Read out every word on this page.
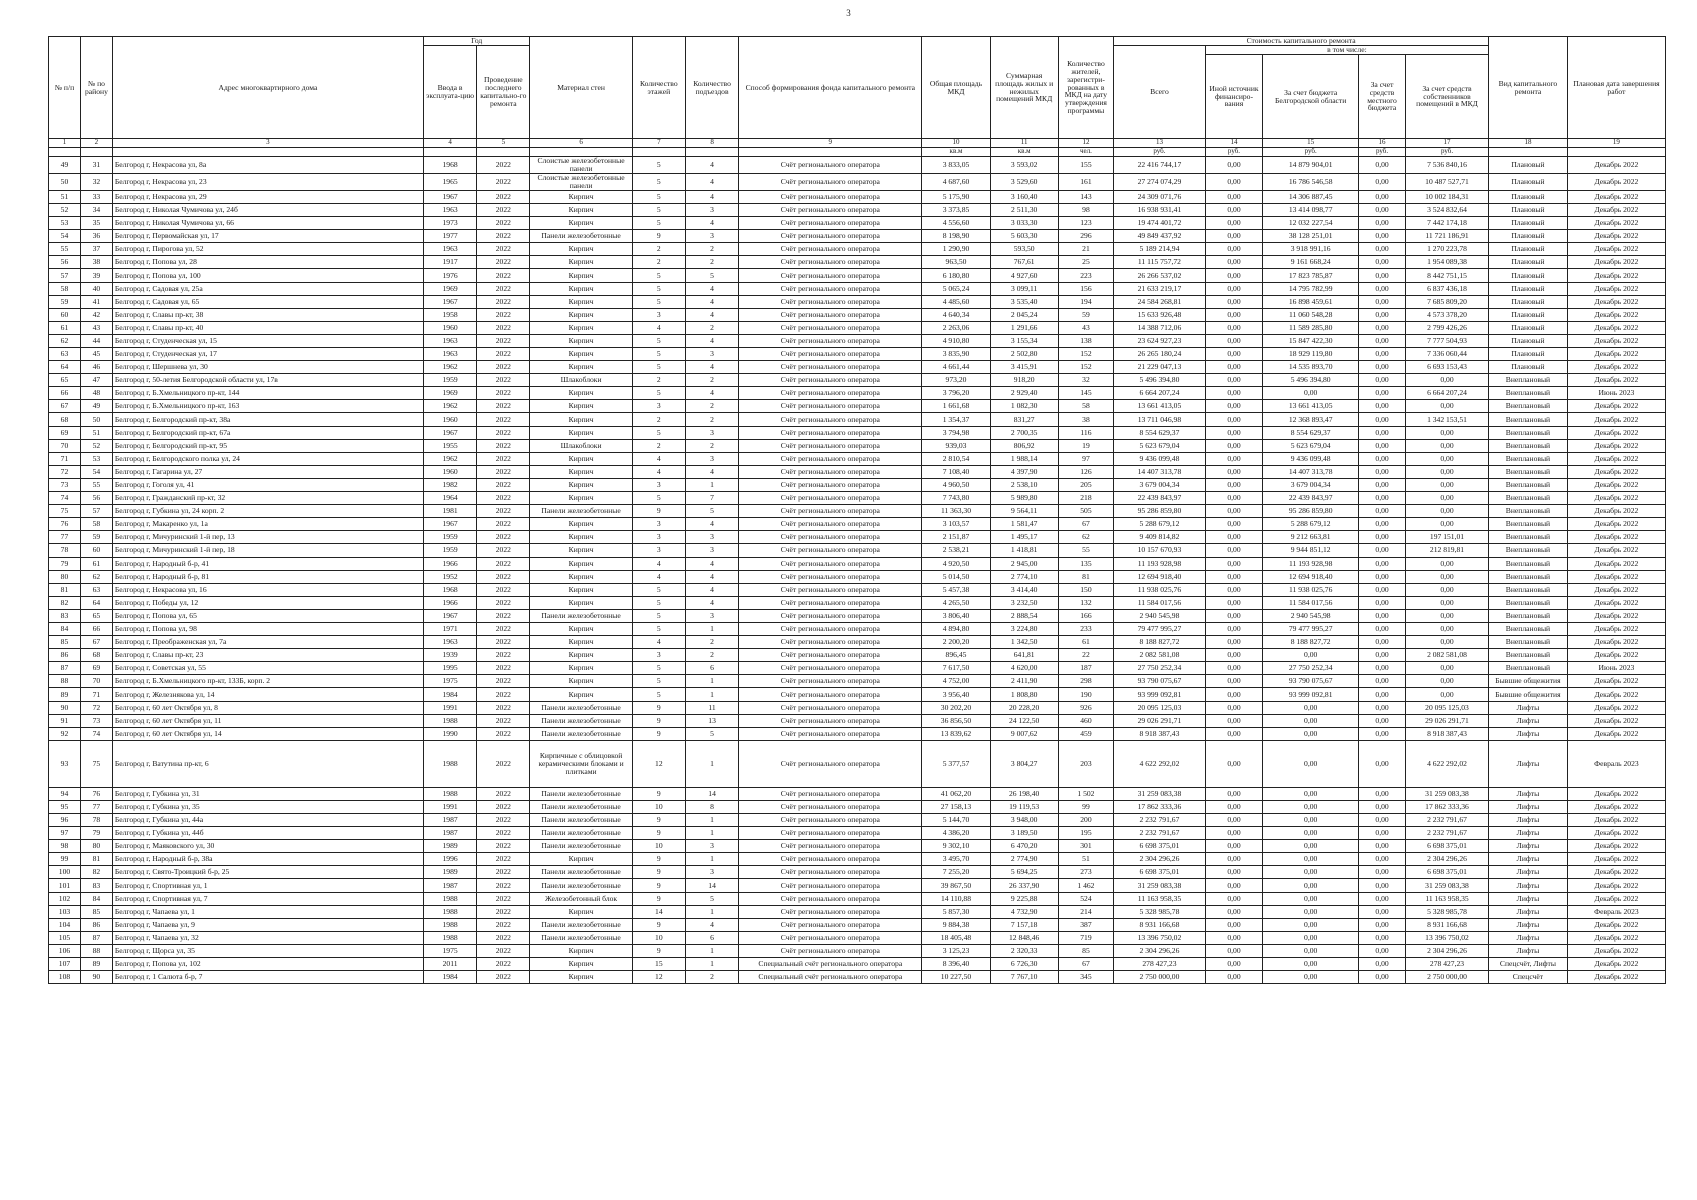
3
№ п/п	№ по району	Адрес многоквартирного дома	Год		Материал стен	Количество этажей	Количество подъездов	Способ формирования фонда капитального ремонта	Общая площадь МКД	Суммарная площадь жилых и нежилых помещений МКД	Количество жителей, зарегистри-рованных в МКД на дату утверждения программы	Стоимость капитального ремонта					Вид капитального ремонта	Плановая дата завершения работ
			Ввода в эксплуата-цию	Проведение последнего капитально-го ремонта								Всего	в том числе:					
													Иной источник финансиро-вания	За счет бюджета Белгородской области	За счет средств местного бюджета	За счет средств собственников помещений в МКД		
1	2	3	4	5	6	7	8	9	10	11	12	13	14	15	16	17	18	19
									кв.м	кв.м	чел.	руб.	руб.	руб.	руб.	руб.		
49	31	Белгород г, Некрасова ул, 8а	1968	2022	Слоистые железобетонные панели	5	4	Счёт регионального оператора	3 833,05	3 593,02	155	22 416 744,17	0,00	14 879 904,01	0,00	7 536 840,16	Плановый	Декабрь 2022
50	32	Белгород г, Некрасова ул, 23	1965	2022	Слоистые железобетонные панели	5	4	Счёт регионального оператора	4 687,60	3 529,60	161	27 274 074,29	0,00	16 786 546,58	0,00	10 487 527,71	Плановый	Декабрь 2022
51	33	Белгород г, Некрасова ул, 29	1967	2022	Кирпич	5	4	Счёт регионального оператора	5 175,90	3 160,40	143	24 309 071,76	0,00	14 306 887,45	0,00	10 002 184,31	Плановый	Декабрь 2022
52	34	Белгород г, Николая Чумичова ул, 24б	1963	2022	Кирпич	5	3	Счёт регионального оператора	3 373,85	2 511,30	98	16 938 931,41	0,00	13 414 098,77	0,00	3 524 832,64	Плановый	Декабрь 2022
53	35	Белгород г, Николая Чумичова ул, 66	1973	2022	Кирпич	5	4	Счёт регионального оператора	4 556,60	3 033,30	123	19 474 401,72	0,00	12 032 227,54	0,00	7 442 174,18	Плановый	Декабрь 2022
54	36	Белгород г, Первомайская ул, 17	1977	2022	Панели железобетонные	9	3	Счёт регионального оператора	8 198,90	5 603,30	296	49 849 437,92	0,00	38 128 251,01	0,00	11 721 186,91	Плановый	Декабрь 2022
55	37	Белгород г, Пирогова ул, 52	1963	2022	Кирпич	2	2	Счёт регионального оператора	1 290,90	593,50	21	5 189 214,94	0,00	3 918 991,16	0,00	1 270 223,78	Плановый	Декабрь 2022
56	38	Белгород г, Попова ул, 28	1917	2022	Кирпич	2	2	Счёт регионального оператора	963,50	767,61	25	11 115 757,72	0,00	9 161 668,24	0,00	1 954 089,38	Плановый	Декабрь 2022
57	39	Белгород г, Попова ул, 100	1976	2022	Кирпич	5	5	Счёт регионального оператора	6 180,80	4 927,60	223	26 266 537,02	0,00	17 823 785,87	0,00	8 442 751,15	Плановый	Декабрь 2022
58	40	Белгород г, Садовая ул, 25а	1969	2022	Кирпич	5	4	Счёт регионального оператора	5 065,24	3 099,11	156	21 633 219,17	0,00	14 795 782,99	0,00	6 837 436,18	Плановый	Декабрь 2022
59	41	Белгород г, Садовая ул, 65	1967	2022	Кирпич	5	4	Счёт регионального оператора	4 485,60	3 535,40	194	24 584 268,81	0,00	16 898 459,61	0,00	7 685 809,20	Плановый	Декабрь 2022
60	42	Белгород г, Славы пр-кт, 38	1958	2022	Кирпич	3	4	Счёт регионального оператора	4 640,34	2 045,24	59	15 633 926,48	0,00	11 060 548,28	0,00	4 573 378,20	Плановый	Декабрь 2022
61	43	Белгород г, Славы пр-кт, 40	1960	2022	Кирпич	4	2	Счёт регионального оператора	2 263,06	1 291,66	43	14 388 712,06	0,00	11 589 285,80	0,00	2 799 426,26	Плановый	Декабрь 2022
62	44	Белгород г, Студенческая ул, 15	1963	2022	Кирпич	5	4	Счёт регионального оператора	4 910,80	3 155,34	138	23 624 927,23	0,00	15 847 422,30	0,00	7 777 504,93	Плановый	Декабрь 2022
63	45	Белгород г, Студенческая ул, 17	1963	2022	Кирпич	5	3	Счёт регионального оператора	3 835,90	2 502,80	152	26 265 180,24	0,00	18 929 119,80	0,00	7 336 060,44	Плановый	Декабрь 2022
64	46	Белгород г, Шершнева ул, 30	1962	2022	Кирпич	5	4	Счёт регионального оператора	4 661,44	3 415,91	152	21 229 047,13	0,00	14 535 893,70	0,00	6 693 153,43	Плановый	Декабрь 2022
65	47	Белгород г, 50-летия Белгородской области ул, 17в	1959	2022	Шлакоблоки	2	2	Счёт регионального оператора	973,20	918,20	32	5 496 394,80	0,00	5 496 394,80	0,00	0,00	Внеплановый	Декабрь 2022
66	48	Белгород г, Б.Хмельницкого пр-кт, 144	1969	2022	Кирпич	5	4	Счёт регионального оператора	3 796,20	2 929,40	145	6 664 207,24	0,00	0,00	0,00	6 664 207,24	Внеплановый	Июнь 2023
67	49	Белгород г, Б.Хмельницкого пр-кт, 163	1962	2022	Кирпич	3	2	Счёт регионального оператора	1 661,68	1 082,30	58	13 661 413,05	0,00	13 661 413,05	0,00	0,00	Внеплановый	Декабрь 2022
68	50	Белгород г, Белгородский пр-кт, 38а	1960	2022	Кирпич	2	2	Счёт регионального оператора	1 354,37	831,27	38	13 711 046,98	0,00	12 368 893,47	0,00	1 342 153,51	Внеплановый	Декабрь 2022
69	51	Белгород г, Белгородский пр-кт, 67а	1967	2022	Кирпич	5	3	Счёт регионального оператора	3 794,98	2 700,35	116	8 554 629,37	0,00	8 554 629,37	0,00	0,00	Внеплановый	Декабрь 2022
70	52	Белгород г, Белгородский пр-кт, 95	1955	2022	Шлакоблоки	2	2	Счёт регионального оператора	939,03	806,92	19	5 623 679,04	0,00	5 623 679,04	0,00	0,00	Внеплановый	Декабрь 2022
71	53	Белгород г, Белгородского полка ул, 24	1962	2022	Кирпич	4	3	Счёт регионального оператора	2 810,54	1 988,14	97	9 436 099,48	0,00	9 436 099,48	0,00	0,00	Внеплановый	Декабрь 2022
72	54	Белгород г, Гагарина ул, 27	1960	2022	Кирпич	4	4	Счёт регионального оператора	7 108,40	4 397,90	126	14 407 313,78	0,00	14 407 313,78	0,00	0,00	Внеплановый	Декабрь 2022
73	55	Белгород г, Гоголя ул, 41	1982	2022	Кирпич	3	1	Счёт регионального оператора	4 960,50	2 538,10	205	3 679 004,34	0,00	3 679 004,34	0,00	0,00	Внеплановый	Декабрь 2022
74	56	Белгород г, Гражданский пр-кт, 32	1964	2022	Кирпич	5	7	Счёт регионального оператора	7 743,80	5 989,80	218	22 439 843,97	0,00	22 439 843,97	0,00	0,00	Внеплановый	Декабрь 2022
75	57	Белгород г, Губкина ул, 24 корп. 2	1981	2022	Панели железобетонные	9	5	Счёт регионального оператора	11 363,30	9 564,11	505	95 286 859,80	0,00	95 286 859,80	0,00	0,00	Внеплановый	Декабрь 2022
76	58	Белгород г, Макаренко ул, 1а	1967	2022	Кирпич	3	4	Счёт регионального оператора	3 103,57	1 581,47	67	5 288 679,12	0,00	5 288 679,12	0,00	0,00	Внеплановый	Декабрь 2022
77	59	Белгород г, Мичуринский 1-й пер, 13	1959	2022	Кирпич	3	3	Счёт регионального оператора	2 151,87	1 495,17	62	9 409 814,82	0,00	9 212 663,81	0,00	197 151,01	Внеплановый	Декабрь 2022
78	60	Белгород г, Мичуринский 1-й пер, 18	1959	2022	Кирпич	3	3	Счёт регионального оператора	2 538,21	1 418,81	55	10 157 670,93	0,00	9 944 851,12	0,00	212 819,81	Внеплановый	Декабрь 2022
79	61	Белгород г, Народный б-р, 41	1966	2022	Кирпич	4	4	Счёт регионального оператора	4 920,50	2 945,00	135	11 193 928,98	0,00	11 193 928,98	0,00	0,00	Внеплановый	Декабрь 2022
80	62	Белгород г, Народный б-р, 81	1952	2022	Кирпич	4	4	Счёт регионального оператора	5 014,50	2 774,10	81	12 694 918,40	0,00	12 694 918,40	0,00	0,00	Внеплановый	Декабрь 2022
81	63	Белгород г, Некрасова ул, 16	1968	2022	Кирпич	5	4	Счёт регионального оператора	5 457,38	3 414,40	150	11 938 025,76	0,00	11 938 025,76	0,00	0,00	Внеплановый	Декабрь 2022
82	64	Белгород г, Победы ул, 12	1966	2022	Кирпич	5	4	Счёт регионального оператора	4 265,50	3 232,50	132	11 584 017,56	0,00	11 584 017,56	0,00	0,00	Внеплановый	Декабрь 2022
83	65	Белгород г, Попова ул, 65	1967	2022	Панели железобетонные	5	3	Счёт регионального оператора	3 806,40	2 888,54	166	2 940 545,98	0,00	2 940 545,98	0,00	0,00	Внеплановый	Декабрь 2022
84	66	Белгород г, Попова ул, 98	1971	2022	Кирпич	5	1	Счёт регионального оператора	4 894,80	3 224,80	233	79 477 995,27	0,00	79 477 995,27	0,00	0,00	Внеплановый	Декабрь 2022
85	67	Белгород г, Преображенская ул, 7а	1963	2022	Кирпич	4	2	Счёт регионального оператора	2 200,20	1 342,50	61	8 188 827,72	0,00	8 188 827,72	0,00	0,00	Внеплановый	Декабрь 2022
86	68	Белгород г, Славы пр-кт, 23	1939	2022	Кирпич	3	2	Счёт регионального оператора	896,45	641,81	22	2 082 581,08	0,00	0,00	0,00	2 082 581,08	Внеплановый	Декабрь 2022
87	69	Белгород г, Советская ул, 55	1995	2022	Кирпич	5	6	Счёт регионального оператора	7 617,50	4 620,00	187	27 750 252,34	0,00	27 750 252,34	0,00	0,00	Внеплановый	Июнь 2023
88	70	Белгород г, Б.Хмельницкого пр-кт, 133Б, корп. 2	1975	2022	Кирпич	5	1	Счёт регионального оператора	4 752,00	2 411,90	298	93 790 075,67	0,00	93 790 075,67	0,00	0,00	Бывшие общежития	Декабрь 2022
89	71	Белгород г, Железнякова ул, 14	1984	2022	Кирпич	5	1	Счёт регионального оператора	3 956,40	1 808,80	190	93 999 092,81	0,00	93 999 092,81	0,00	0,00	Бывшие общежития	Декабрь 2022
90	72	Белгород г, 60 лет Октября ул, 8	1991	2022	Панели железобетонные	9	11	Счёт регионального оператора	30 202,20	20 228,20	926	20 095 125,03	0,00	0,00	0,00	20 095 125,03	Лифты	Декабрь 2022
91	73	Белгород г, 60 лет Октября ул, 11	1988	2022	Панели железобетонные	9	13	Счёт регионального оператора	36 856,50	24 122,50	460	29 026 291,71	0,00	0,00	0,00	29 026 291,71	Лифты	Декабрь 2022
92	74	Белгород г, 60 лет Октября ул, 14	1990	2022	Панели железобетонные	9	5	Счёт регионального оператора	13 839,62	9 007,62	459	8 918 387,43	0,00	0,00	0,00	8 918 387,43	Лифты	Декабрь 2022
93	75	Белгород г, Ватутина пр-кт, 6	1988	2022	Кирпичные с облицовкой керамическими блоками и плитками	12	1	Счёт регионального оператора	5 377,57	3 804,27	203	4 622 292,02	0,00	0,00	0,00	4 622 292,02	Лифты	Февраль 2023
94	76	Белгород г, Губкина ул, 31	1988	2022	Панели железобетонные	9	14	Счёт регионального оператора	41 062,20	26 198,40	1 502	31 259 083,38	0,00	0,00	0,00	31 259 083,38	Лифты	Декабрь 2022
95	77	Белгород г, Губкина ул, 35	1991	2022	Панели железобетонные	10	8	Счёт регионального оператора	27 158,13	19 119,53	99	17 862 333,36	0,00	0,00	0,00	17 862 333,36	Лифты	Декабрь 2022
96	78	Белгород г, Губкина ул, 44а	1987	2022	Панели железобетонные	9	1	Счёт регионального оператора	5 144,70	3 948,00	200	2 232 791,67	0,00	0,00	0,00	2 232 791,67	Лифты	Декабрь 2022
97	79	Белгород г, Губкина ул, 44б	1987	2022	Панели железобетонные	9	1	Счёт регионального оператора	4 386,20	3 189,50	195	2 232 791,67	0,00	0,00	0,00	2 232 791,67	Лифты	Декабрь 2022
98	80	Белгород г, Маяковского ул, 30	1989	2022	Панели железобетонные	10	3	Счёт регионального оператора	9 302,10	6 470,20	301	6 698 375,01	0,00	0,00	0,00	6 698 375,01	Лифты	Декабрь 2022
99	81	Белгород г, Народный б-р, 38а	1996	2022	Кирпич	9	1	Счёт регионального оператора	3 495,70	2 774,90	51	2 304 296,26	0,00	0,00	0,00	2 304 296,26	Лифты	Декабрь 2022
100	82	Белгород г, Свято-Троицкий б-р, 25	1989	2022	Панели железобетонные	9	3	Счёт регионального оператора	7 255,20	5 694,25	273	6 698 375,01	0,00	0,00	0,00	6 698 375,01	Лифты	Декабрь 2022
101	83	Белгород г, Спортивная ул, 1	1987	2022	Панели железобетонные	9	14	Счёт регионального оператора	39 867,50	26 337,90	1 462	31 259 083,38	0,00	0,00	0,00	31 259 083,38	Лифты	Декабрь 2022
102	84	Белгород г, Спортивная ул, 7	1988	2022	Железобетонный блок	9	5	Счёт регионального оператора	14 110,88	9 225,88	524	11 163 958,35	0,00	0,00	0,00	11 163 958,35	Лифты	Декабрь 2022
103	85	Белгород г, Чапаева ул, 1	1988	2022	Кирпич	14	1	Счёт регионального оператора	5 857,30	4 732,90	214	5 328 985,78	0,00	0,00	0,00	5 328 985,78	Лифты	Февраль 2023
104	86	Белгород г, Чапаева ул, 9	1988	2022	Панели железобетонные	9	4	Счёт регионального оператора	9 884,38	7 157,18	387	8 931 166,68	0,00	0,00	0,00	8 931 166,68	Лифты	Декабрь 2022
105	87	Белгород г, Чапаева ул, 32	1988	2022	Панели железобетонные	10	6	Счёт регионального оператора	18 405,48	12 848,46	719	13 396 750,02	0,00	0,00	0,00	13 396 750,02	Лифты	Декабрь 2022
106	88	Белгород г, Щорса ул, 35	1975	2022	Кирпич	9	1	Счёт регионального оператора	3 125,23	2 320,33	85	2 304 296,26	0,00	0,00	0,00	2 304 296,26	Лифты	Декабрь 2022
107	89	Белгород г, Попова ул, 102	2011	2022	Кирпич	15	1	Специальный счёт регионального оператора	8 396,40	6 726,30	67	278 427,23	0,00	0,00	0,00	278 427,23	Спецсчёт, Лифты	Декабрь 2022
108	90	Белгород г, 1 Салюта б-р, 7	1984	2022	Кирпич	12	2	Специальный счёт регионального оператора	10 227,50	7 767,10	345	2 750 000,00	0,00	0,00	0,00	2 750 000,00	Спецсчёт	Декабрь 2022
